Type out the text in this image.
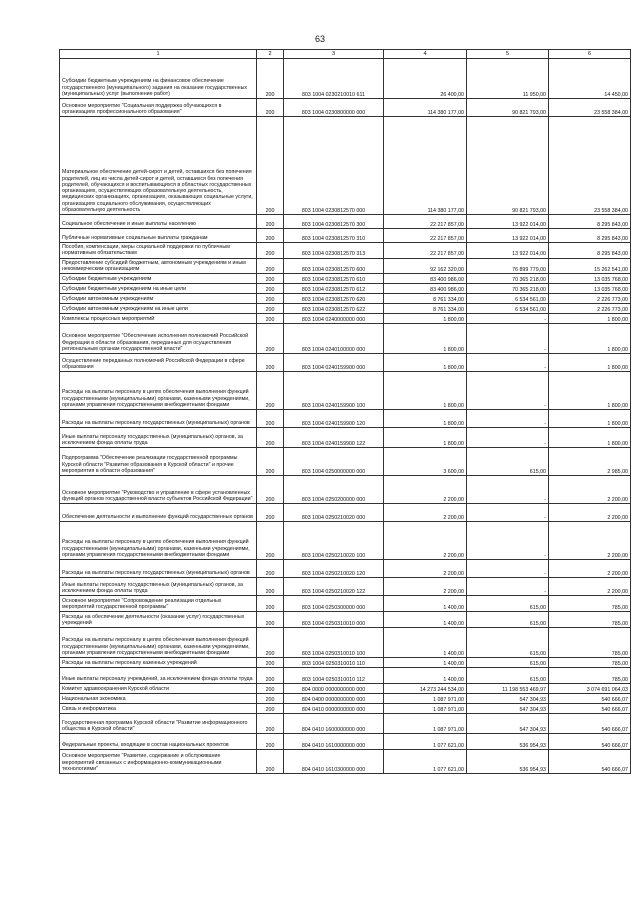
63
1	2	3	4	5	6
Субсидии бюджетным учреждениям на финансовое обеспечение государственного (муниципального) задания на оказание государственных (муниципальных) услуг (выполнение работ)	200	803 1004 0230210010 611	26 400,00	11 950,00	14 450,00
Основное мероприятие "Социальная поддержка обучающихся в организациях профессионального образования"	200	803 1004 0230800000 000	114 380 177,00	90 821 793,00	23 558 384,00
Материальное обеспечение детей-сирот и детей, оставшихся без попечения родителей, лиц из числа детей-сирот и детей, оставшихся без попечения родителей, обучающихся и воспитывающихся в областных государственных организациях, осуществляющих образовательную деятельность, медицинских организациях, организациях, оказывающих социальные услуги, организациях социального обслуживания, осуществляющих образовательную деятельность	200	803 1004 0230812570 000	114 380 177,00	90 821 793,00	23 558 384,00
Социальное обеспечение и иные выплаты населению	200	803 1004 0230812570 300	22 217 857,00	13 922 014,00	8 295 843,00
Публичные нормативные социальные выплаты гражданам	200	803 1004 0230812570 310	22 217 857,00	13 922 014,00	8 295 843,00
Пособия, компенсации, меры социальной поддержки по публичным нормативным обязательствам	200	803 1004 0230812570 313	22 217 857,00	13 922 014,00	8 295 843,00
Предоставление субсидий бюджетным, автономным учреждениям и иным некоммерческим организациям	200	803 1004 0230812570 600	92 162 320,00	76 899 779,00	15 262 541,00
Субсидии бюджетным учреждениям	200	803 1004 0230812570 610	83 400 986,00	70 365 218,00	13 035 768,00
Субсидии бюджетным учреждениям на иные цели	200	803 1004 0230812570 612	83 400 986,00	70 365 218,00	13 035 768,00
Субсидии автономным учреждениям	200	803 1004 0230812570 620	8 761 334,00	6 534 561,00	2 226 773,00
Субсидии автономным учреждениям на иные цели	200	803 1004 0230812570 622	8 761 334,00	6 534 561,00	2 226 773,00
Комплексы процессных мероприятий	200	803 1004 0240000000 000	1 800,00	-	1 800,00
Основное мероприятие "Обеспечение исполнения полномочий Российской Федерации в области образования, переданных для осуществления региональным органам государственной власти"	200	803 1004 0240100000 000	1 800,00	-	1 800,00
Осуществление переданных полномочий Российской Федерации в сфере образования	200	803 1004 0240159900 000	1 800,00	-	1 800,00
Расходы на выплаты персоналу в целях обеспечения выполнения функций государственными (муниципальными) органами, казенными учреждениями, органами управления государственными внебюджетными фондами	200	803 1004 0240159900 100	1 800,00	-	1 800,00
Расходы на выплаты персоналу государственных (муниципальных) органов	200	803 1004 0240159900 120	1 800,00	-	1 800,00
Иные выплаты персоналу государственных (муниципальных) органов, за исключением фонда оплаты труда	200	803 1004 0240159900 122	1 800,00	-	1 800,00
Подпрограмма "Обеспечение реализации государственной программы Курской области "Развитие образования в Курской области" и прочие мероприятия в области образования"	200	803 1004 0250000000 000	3 600,00	615,00	2 985,00
Основное мероприятие "Руководство и управление в сфере установленных функций органов государственной власти субъектов Российской Федерации"	200	803 1004 0250200000 000	2 200,00	-	2 200,00
Обеспечение деятельности и выполнение функций государственных органов	200	803 1004 0250210020 000	2 200,00	-	2 200,00
Расходы на выплаты персоналу в целях обеспечения выполнения функций государственными (муниципальными) органами, казенными учреждениями, органами управления государственными внебюджетными фондами	200	803 1004 0250210020 100	2 200,00	-	2 200,00
Расходы на выплаты персоналу государственных (муниципальных) органов	200	803 1004 0250210020 120	2 200,00	-	2 200,00
Иные выплаты персоналу государственных (муниципальных) органов, за исключением фонда оплаты труда	200	803 1004 0250210020 122	2 200,00	-	2 200,00
Основное мероприятие "Сопровождение реализации отдельных мероприятий государственной программы"	200	803 1004 0250300000 000	1 400,00	615,00	785,00
Расходы на обеспечение деятельности (оказание услуг) государственных учреждений	200	803 1004 0250310010 000	1 400,00	615,00	785,00
Расходы на выплаты персоналу в целях обеспечения выполнения функций государственными (муниципальными) органами, казенными учреждениями, органами управления государственными внебюджетными фондами	200	803 1004 0250310010 100	1 400,00	615,00	785,00
Расходы на выплаты персоналу казенных учреждений	200	803 1004 0250310010 110	1 400,00	615,00	785,00
Иные выплаты персоналу учреждений, за исключением фонда оплаты труда	200	803 1004 0250310010 112	1 400,00	615,00	785,00
Комитет здравоохранения Курской области	200	804 0000 0000000000 000	14 273 244 534,00	11 198 553 469,97	3 074 691 064,03
Национальная экономика	200	804 0400 0000000000 000	1 087 971,00	547 304,93	540 666,07
Связь и информатика	200	804 0410 0000000000 000	1 087 971,00	547 304,93	540 666,07
Государственная программа Курской области "Развитие информационного общества в Курской области"	200	804 0410 1600000000 000	1 087 971,00	547 304,93	540 666,07
Федеральные проекты, входящие в состав национальных проектов	200	804 0410 1610000000 000	1 077 621,00	536 954,93	540 666,07
Основное мероприятие "Развитие, содержание и обслуживание мероприятий связанных с информационно-коммуникационными технологиями"	200	804 0410 1610300000 000	1 077 621,00	536 954,93	540 666,07
